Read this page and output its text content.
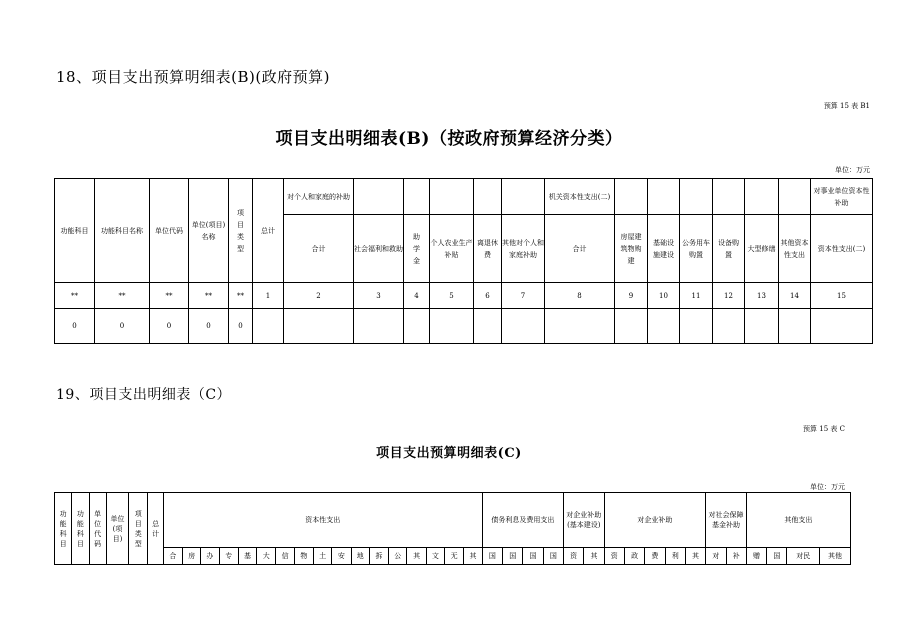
18、项目支出预算明细表(B)(政府预算)
预算 15 表 B1
项目支出明细表(B)（按政府预算经济分类）
单位：万元
功能科目	功能科目名称	单位代码	单位(项目)名称	项目类型	总计	对个人和家庭的补助						机关资本性支出(二)							对事业单位资本性补助
						合计	社会福利和救助	助学金	个人农业生产补贴	离退休费	其他对个人和家庭补助	合计	房屋建筑物购建	基础设施建设	公务用车购置	设备购置	大型修缮	其他资本性支出	资本性支出(二)
**	**	**	**	**	1	2	3	4	5	6	7	8	9	10	11	12	13	14	15
0	0	0	0	0															
19、项目支出明细表（C）
预算 15 表 C
项目支出预算明细表(C)
单位：万元
功能科目	功能科目	单位代码	单位(项目)	项目类型	总计	资本性支出																	债务利息及费用支出				对企业补助(基本建设)		对企业补助					对社会保障基金补助		其他支出			
						合	房	办	专	基	大	信	物	土	安	地	拆	公	其	文	无	其	国	国	国	国	资	其	资	政	费	利	其	对	补	赠	国	对民	其他
